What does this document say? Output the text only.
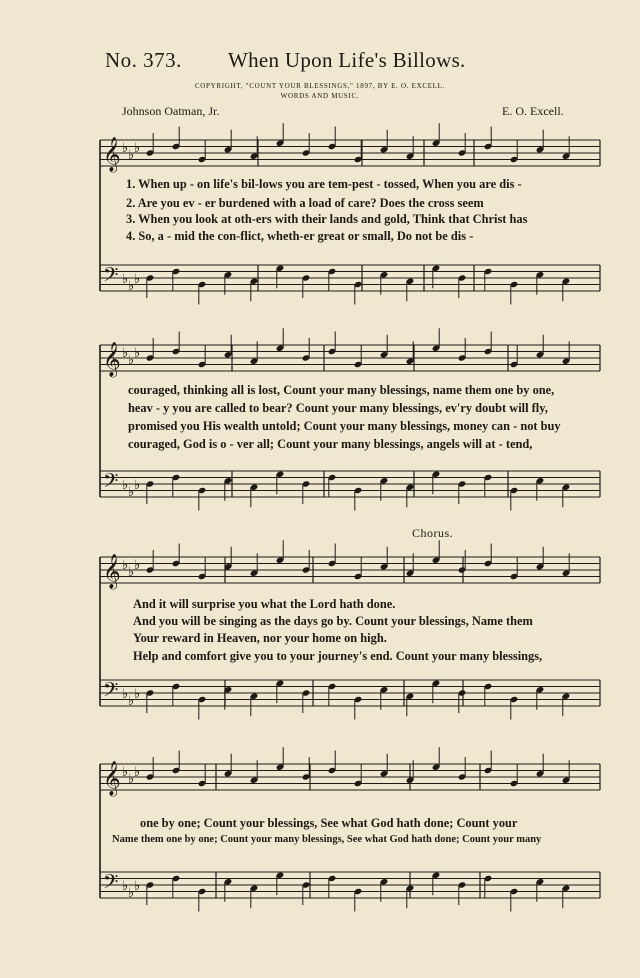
No. 373. When Upon Life's Billows.
COPYRIGHT, "COUNT YOUR BLESSINGS," 1897, BY E. O. EXCELL.
WORDS AND MUSIC.
Johnson Oatman, Jr.	E. O. Excell.
Chorus.
𝄞
𝄢
♭
♭
♭
♭
♭
♭
𝄞
𝄢
♭
♭
♭
♭
♭
♭
𝄞
𝄢
♭
♭
♭
♭
♭
♭
𝄞
𝄢
♭
♭
♭
♭
♭
♭
1. When up - on life's bil-lows you are tem-pest - tossed, When you are dis -
2. Are you ev - er burdened with a load of care? Does the cross seem
3. When you look at oth-ers with their lands and gold, Think that Christ has
4. So, a - mid the con-flict, wheth-er great or small, Do not be dis -
couraged, thinking all is lost, Count your many blessings, name them one by one,
heav - y you are called to bear? Count your many blessings, ev'ry doubt will fly,
promised you His wealth untold; Count your many blessings, money can - not buy
couraged, God is o - ver all; Count your many blessings, angels will at - tend,
And it will surprise you what the Lord hath done.
And you will be singing as the days go by. Count your blessings, Name them
Your reward in Heaven, nor your home on high.
Help and comfort give you to your journey's end. Count your many blessings,
one by one; Count your blessings, See what God hath done; Count your
Name them one by one; Count your many blessings, See what God hath done; Count your many
